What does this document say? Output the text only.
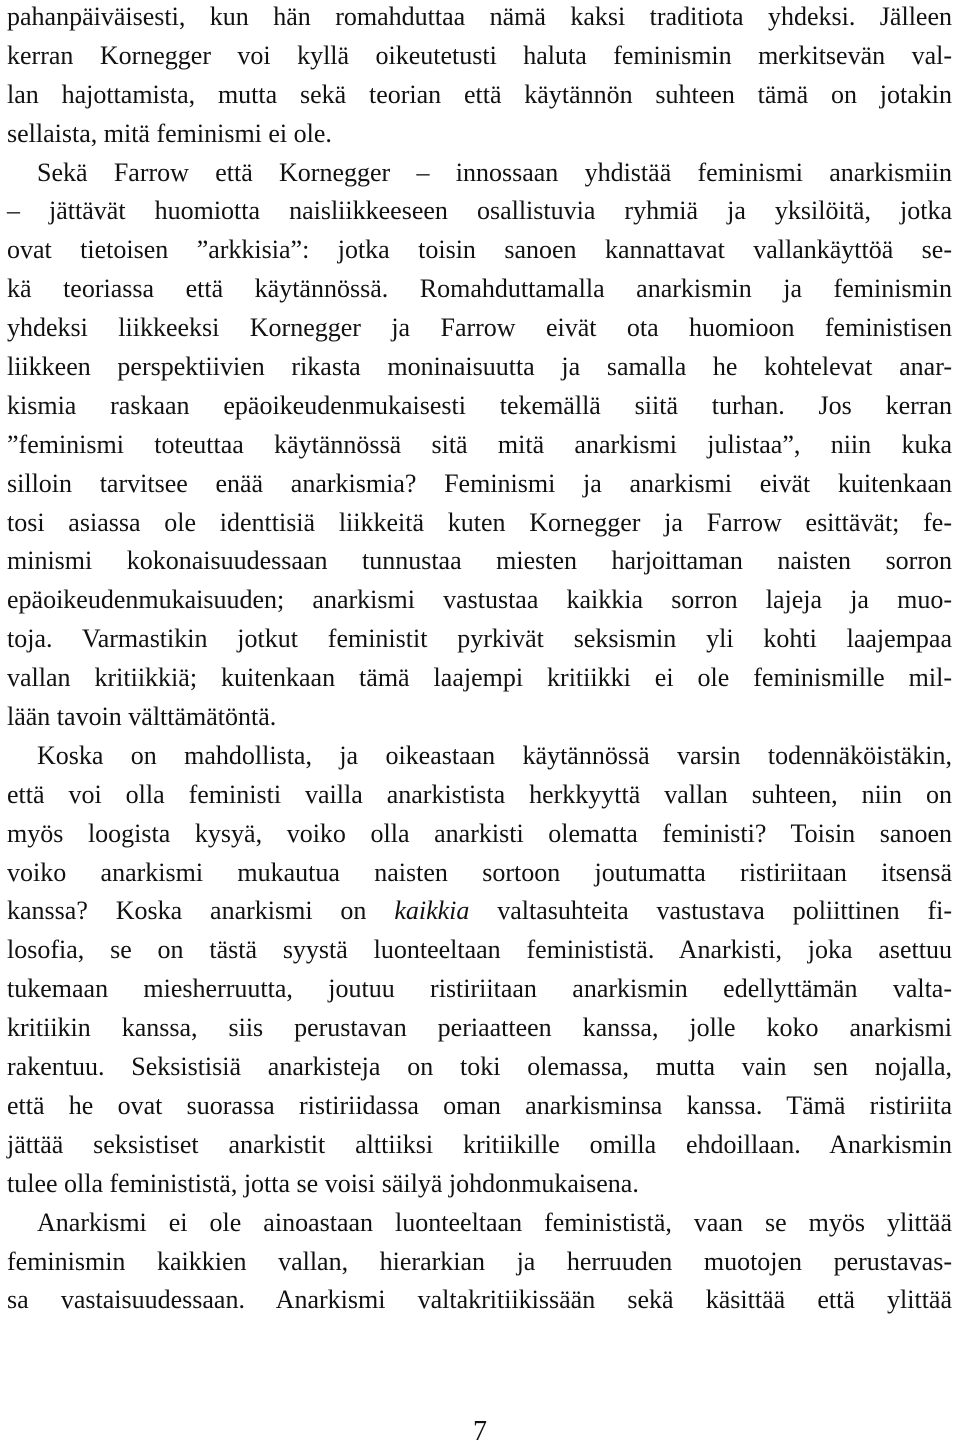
pahanpäiväisesti, kun hän romahduttaa nämä kaksi traditiota yhdeksi. Jälleen
kerran Kornegger voi kyllä oikeutetusti haluta feminismin merkitsevän val-
lan hajottamista, mutta sekä teorian että käytännön suhteen tämä on jotakin
sellaista, mitä feminismi ei ole.
Sekä Farrow että Kornegger – innossaan yhdistää feminismi anarkismiin
– jättävät huomiotta naisliikkeeseen osallistuvia ryhmiä ja yksilöitä, jotka
ovat tietoisen ”arkkisia”: jotka toisin sanoen kannattavat vallankäyttöä se-
kä teoriassa että käytännössä. Romahduttamalla anarkismin ja feminismin
yhdeksi liikkeeksi Kornegger ja Farrow eivät ota huomioon feministisen
liikkeen perspektiivien rikasta moninaisuutta ja samalla he kohtelevat anar-
kismia raskaan epäoikeudenmukaisesti tekemällä siitä turhan. Jos kerran
”feminismi toteuttaa käytännössä sitä mitä anarkismi julistaa”, niin kuka
silloin tarvitsee enää anarkismia? Feminismi ja anarkismi eivät kuitenkaan
tosi asiassa ole identtisiä liikkeitä kuten Kornegger ja Farrow esittävät; fe-
minismi kokonaisuudessaan tunnustaa miesten harjoittaman naisten sorron
epäoikeudenmukaisuuden; anarkismi vastustaa kaikkia sorron lajeja ja muo-
toja. Varmastikin jotkut feministit pyrkivät seksismin yli kohti laajempaa
vallan kritiikkiä; kuitenkaan tämä laajempi kritiikki ei ole feminismille mil-
lään tavoin välttämätöntä.
Koska on mahdollista, ja oikeastaan käytännössä varsin todennäköistäkin,
että voi olla feministi vailla anarkistista herkkyyttä vallan suhteen, niin on
myös loogista kysyä, voiko olla anarkisti olematta feministi? Toisin sanoen
voiko anarkismi mukautua naisten sortoon joutumatta ristiriitaan itsensä
kanssa? Koska anarkismi on kaikkia valtasuhteita vastustava poliittinen fi-
losofia, se on tästä syystä luonteeltaan feminististä. Anarkisti, joka asettuu
tukemaan miesherruutta, joutuu ristiriitaan anarkismin edellyttämän valta-
kritiikin kanssa, siis perustavan periaatteen kanssa, jolle koko anarkismi
rakentuu. Seksistisiä anarkisteja on toki olemassa, mutta vain sen nojalla,
että he ovat suorassa ristiriidassa oman anarkisminsa kanssa. Tämä ristiriita
jättää seksistiset anarkistit alttiiksi kritiikille omilla ehdoillaan. Anarkismin
tulee olla feminististä, jotta se voisi säilyä johdonmukaisena.
Anarkismi ei ole ainoastaan luonteeltaan feminististä, vaan se myös ylittää
feminismin kaikkien vallan, hierarkian ja herruuden muotojen perustavas-
sa vastaisuudessaan. Anarkismi valtakritiikissään sekä käsittää että ylittää
7
